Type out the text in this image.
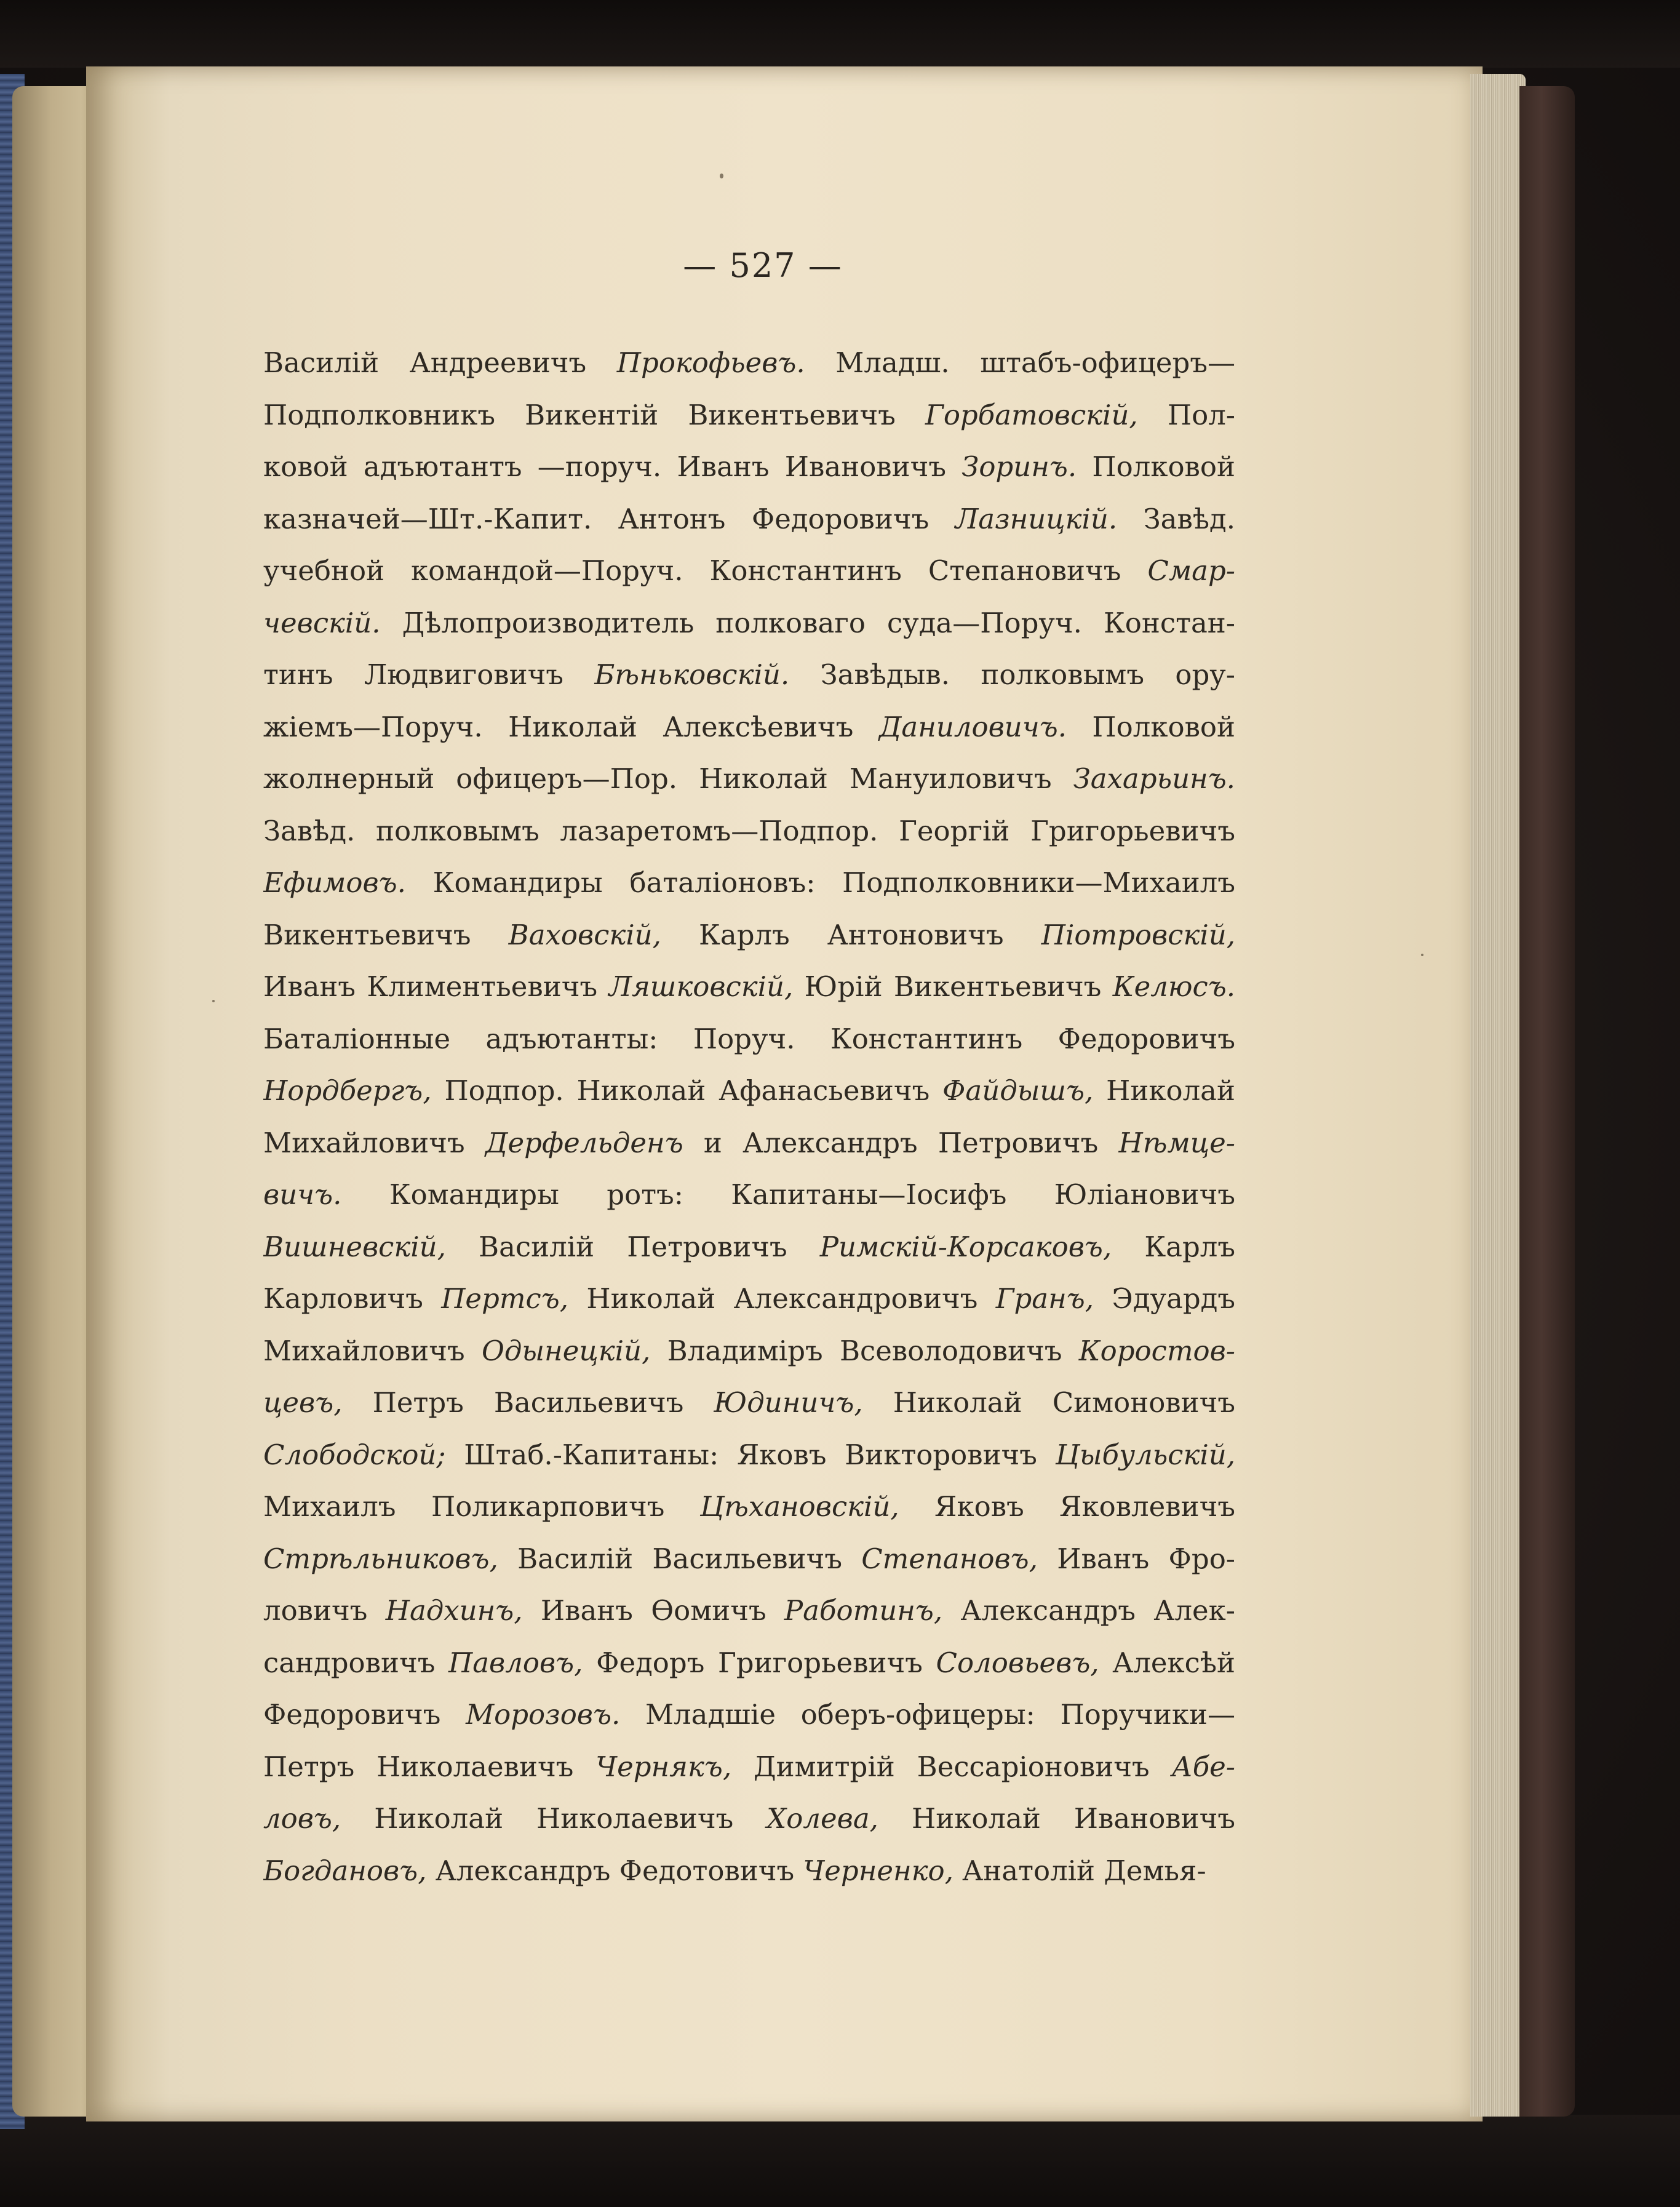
— 527 —
Василій Андреевичъ Прокофьевъ. Младш. штабъ-офицеръ—
Подполковникъ Викентій Викентьевичъ Горбатовскій, Пол-
ковой адъютантъ —поруч. Иванъ Ивановичъ Зоринъ. Полковой
казначей—Шт.-Капит. Антонъ Федоровичъ Лазницкій. Завѣд.
учебной командой—Поруч. Константинъ Степановичъ Смар-
чевскій. Дѣлопроизводитель полковаго суда—Поруч. Констан-
тинъ Людвиговичъ Бѣньковскій. Завѣдыв. полковымъ ору-
жіемъ—Поруч. Николай Алексѣевичъ Даниловичъ. Полковой
жолнерный офицеръ—Пор. Николай Мануиловичъ Захарьинъ.
Завѣд. полковымъ лазаретомъ—Подпор. Георгій Григорьевичъ
Ефимовъ. Командиры баталіоновъ: Подполковники—Михаилъ
Викентьевичъ Ваховскій, Карлъ Антоновичъ Піотровскій,
Иванъ Климентьевичъ Ляшковскій, Юрій Викентьевичъ Келюсъ.
Баталіонные адъютанты: Поруч. Константинъ Федоровичъ
Нордбергъ, Подпор. Николай Афанасьевичъ Файдышъ, Николай
Михайловичъ Дерфельденъ и Александръ Петровичъ Нѣмце-
вичъ. Командиры ротъ: Капитаны—Іосифъ Юліановичъ
Вишневскій, Василій Петровичъ Римскій-Корсаковъ, Карлъ
Карловичъ Пертсъ, Николай Александровичъ Гранъ, Эдуардъ
Михайловичъ Одынецкій, Владиміръ Всеволодовичъ Коростов-
цевъ, Петръ Васильевичъ Юдиничъ, Николай Симоновичъ
Слободской; Штаб.-Капитаны: Яковъ Викторовичъ Цыбульскій,
Михаилъ Поликарповичъ Цѣхановскій, Яковъ Яковлевичъ
Стрѣльниковъ, Василій Васильевичъ Степановъ, Иванъ Фро-
ловичъ Надхинъ, Иванъ Ѳомичъ Работинъ, Александръ Алек-
сандровичъ Павловъ, Федоръ Григорьевичъ Соловьевъ, Алексѣй
Федоровичъ Морозовъ. Младшіе оберъ-офицеры: Поручики—
Петръ Николаевичъ Чернякъ, Димитрій Вессаріоновичъ Абе-
ловъ, Николай Николаевичъ Холева, Николай Ивановичъ
Богдановъ, Александръ Федотовичъ Черненко, Анатолій Демья-
